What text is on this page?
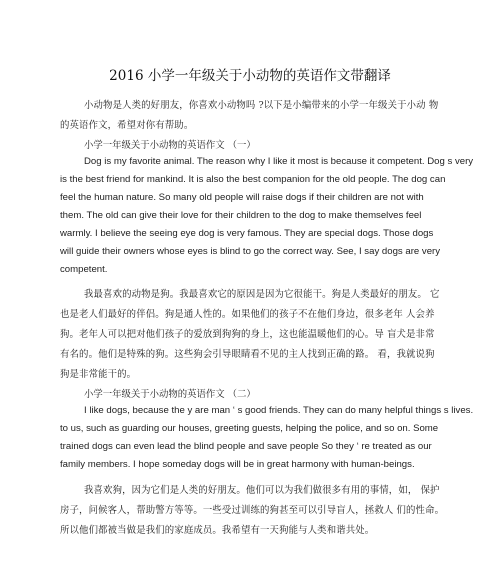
2016 小学一年级关于小动物的英语作文带翻译
小动物是人类的好朋友，你喜欢小动物吗 ?以下是小编带来的小学一年级关于小动 物
的英语作文，希望对你有帮助。
小学一年级关于小动物的英语作文 （一）
Dog is my favorite animal. The reason why I like it most is because it competent. Dog s very
is the best friend for mankind. It is also the best companion for the old people. The dog can
feel the human nature. So many old people will raise dogs if their children are not with
them. The old can give their love for their children to the dog to make themselves feel
warmly. I believe the seeing eye dog is very famous. They are special dogs. Those dogs
will guide their owners whose eyes is blind to go the correct way. See, I say dogs are very
competent.
我最喜欢的动物是狗。我最喜欢它的原因是因为它很能干。狗是人类最好的朋友。 它
也是老人们最好的伴侣。狗是通人性的。如果他们的孩子不在他们身边，很多老年 人会养
狗。老年人可以把对他们孩子的爱放到狗狗的身上，这也能温暖他们的心。导 盲犬是非常
有名的。他们是特殊的狗。这些狗会引导眼睛看不见的主人找到正确的路。 看，我就说狗
狗是非常能干的。
小学一年级关于小动物的英语作文 （二）
I like dogs, because the y are man ‘ s good friends. They can do many helpful things s lives.
to us, such as guarding our houses, greeting guests, helping the police, and so on. Some
trained dogs can even lead the blind people and save people So they ‘ re treated as our
family members. I hope someday dogs will be in great harmony with human-beings.
我喜欢狗，因为它们是人类的好朋友。他们可以为我们做很多有用的事情，如， 保护
房子，问候客人，帮助警方等等。一些受过训练的狗甚至可以引导盲人，拯救人 们的性命。
所以他们都被当做是我们的家庭成员。我希望有一天狗能与人类和谐共处。
